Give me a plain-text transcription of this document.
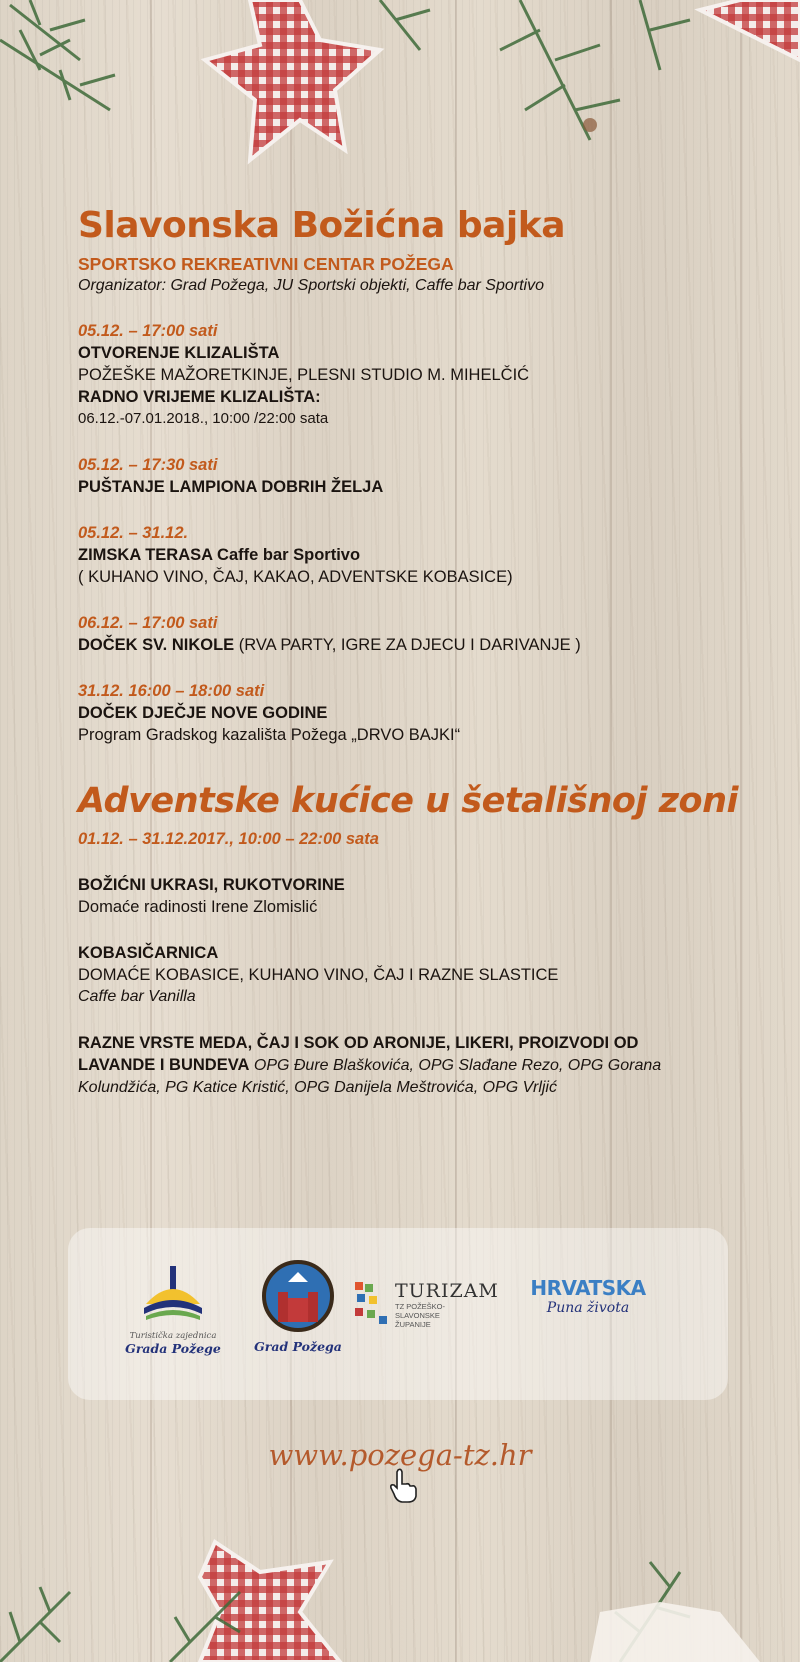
Slavonska Božićna bajka
SPORTSKO REKREATIVNI CENTAR POŽEGA
Organizator: Grad Požega, JU Sportski objekti, Caffe bar Sportivo
05.12. – 17:00 sati
OTVORENJE KLIZALIŠTA
POŽEŠKE MAŽORETKINJE, PLESNI STUDIO M. MIHELČIĆ
RADNO VRIJEME KLIZALIŠTA:
06.12.-07.01.2018., 10:00 /22:00 sata
05.12. – 17:30 sati
PUŠTANJE LAMPIONA DOBRIH ŽELJA
05.12. – 31.12.
ZIMSKA TERASA Caffe bar Sportivo
( KUHANO VINO, ČAJ, KAKAO, ADVENTSKE KOBASICE)
06.12. – 17:00 sati
DOČEK SV. NIKOLE (RVA PARTY, IGRE ZA DJECU I DARIVANJE )
31.12. 16:00 – 18:00 sati
DOČEK DJEČJE NOVE GODINE
Program Gradskog kazališta Požega „DRVO BAJKI“
Adventske kućice u šetališnoj zoni
01.12. – 31.12.2017., 10:00 – 22:00 sata
BOŽIĆNI UKRASI, RUKOTVORINE
Domaće radinosti Irene Zlomislić
KOBASIČARNICA
DOMAĆE KOBASICE, KUHANO VINO, ČAJ I RAZNE SLASTICE
Caffe bar Vanilla
RAZNE VRSTE MEDA, ČAJ I SOK OD ARONIJE, LIKERI, PROIZVODI OD
LAVANDE I BUNDEVA OPG Đure Blaškovića, OPG Slađane Rezo, OPG Gorana
Kolundžića, PG Katice Kristić, OPG Danijela Meštrovića, OPG Vrljić
Turistička zajednica
Grada Požege	Grad Požega
TURIZAM
TZ POŽEŠKO-
SLAVONSKE
ŽUPANIJE
HRVATSKA
Puna života
www.pozega-tz.hr
